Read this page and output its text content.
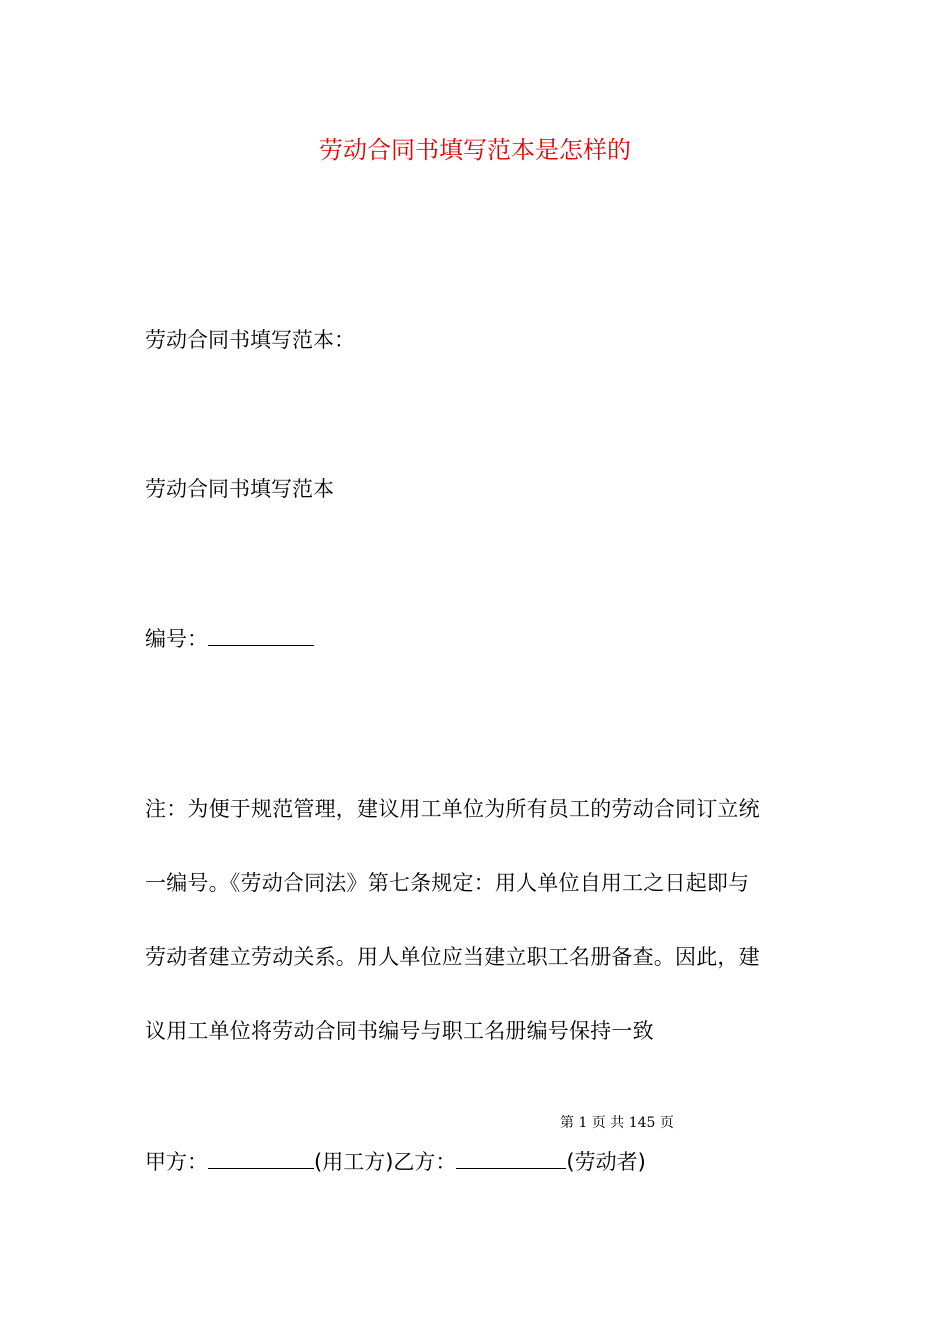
劳动合同书填写范本是怎样的
劳动合同书填写范本：
劳动合同书填写范本
编号：
注：为便于规范管理，建议用工单位为所有员工的劳动合同订立统
一编号。《劳动合同法》第七条规定：用人单位自用工之日起即与
劳动者建立劳动关系。用人单位应当建立职工名册备查。因此，建
议用工单位将劳动合同书编号与职工名册编号保持一致
第 1 页 共 145 页
甲方：	(用工方)乙方：	(劳动者)
